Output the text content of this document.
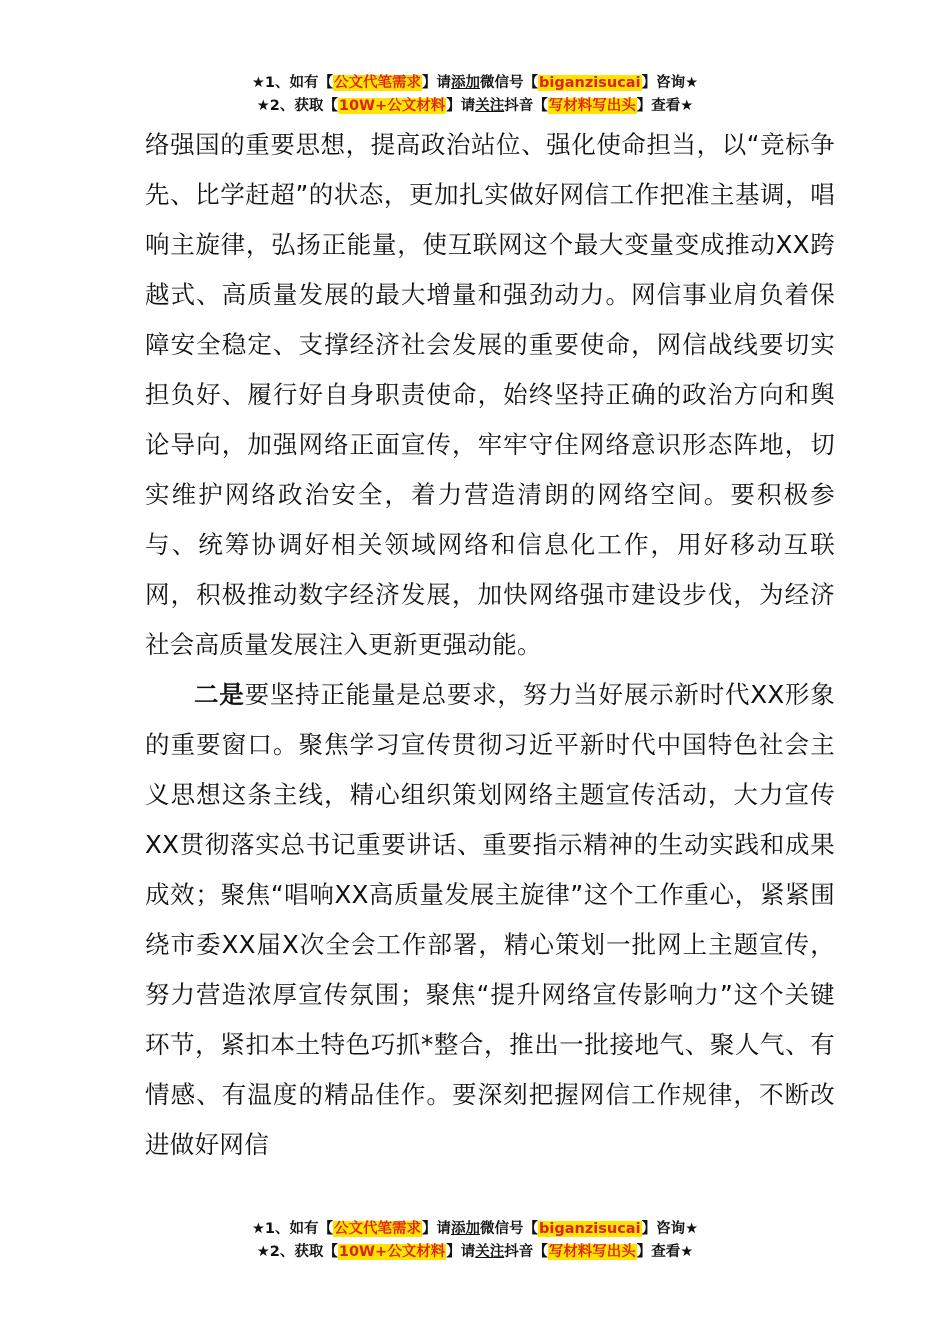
★1、如有【公文代笔需求】请添加微信号【biganzisucai】咨询★
★2、获取【10W+公文材料】请关注抖音【写材料写出头】查看★

络强国的重要思想，提高政治站位、强化使命担当，以“竞标争先、比学赶超”的状态，更加扎实做好网信工作把准主基调，唱响主旋律，弘扬正能量，使互联网这个最大变量变成推动XX跨越式、高质量发展的最大增量和强劲动力。网信事业肩负着保障安全稳定、支撑经济社会发展的重要使命，网信战线要切实担负好、履行好自身职责使命，始终坚持正确的政治方向和舆论导向，加强网络正面宣传，牢牢守住网络意识形态阵地，切实维护网络政治安全，着力营造清朗的网络空间。要积极参与、统筹协调好相关领域网络和信息化工作，用好移动互联网，积极推动数字经济发展，加快网络强市建设步伐，为经济社会高质量发展注入更新更强动能。

二是要坚持正能量是总要求，努力当好展示新时代XX形象的重要窗口。聚焦学习宣传贯彻习近平新时代中国特色社会主义思想这条主线，精心组织策划网络主题宣传活动，大力宣传XX贯彻落实总书记重要讲话、重要指示精神的生动实践和成果成效；聚焦“唱响XX高质量发展主旋律”这个工作重心，紧紧围绕市委XX届X次全会工作部署，精心策划一批网上主题宣传，努力营造浓厚宣传氛围；聚焦“提升网络宣传影响力”这个关键环节，紧扣本土特色巧抓*整合，推出一批接地气、聚人气、有情感、有温度的精品佳作。要深刻把握网信工作规律，不断改进做好网信

★1、如有【公文代笔需求】请添加微信号【biganzisucai】咨询★
★2、获取【10W+公文材料】请关注抖音【写材料写出头】查看★
